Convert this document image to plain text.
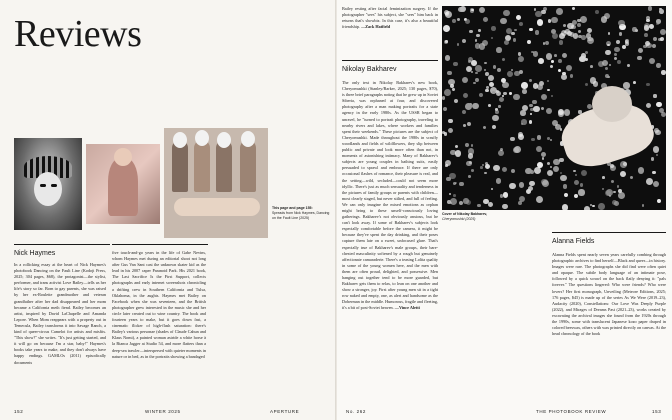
Reviews
This page and page 155:
Spreads from Nick Haymes, Dancing on the Fault Line (2025)
Nick Haymes
In a rollicking essay at the heart of Nick Haymes's photobook Dancing on the Fault Line (Kodoji Press, 2025; 304 pages, $68), the protagonist—the stylist, performer, and trans activist Love Bailey—tells us her life's story so far. Born to gay parents, she was raised by her ex-Roulette grandmother and veteran grandfather after her dad disappeared and her mom became a California meth fiend. Bailey becomes an artist, inspired by David LaChapelle and Amanda Lepore. When Mom reappears with a property out in Temecula, Bailey transforms it into Savage Ranch, a kind of queer-circus Camelot for artists and misfits. "This show?" she writes. "It's just getting started, and it will go on because I'm a star, baby!" Haymes's books take years to make, and they don't always have happy endings. GAMLOs (2011) episodically documents
five touch-and-go years in the life of Gabe Nevins, whom Haymes met during an editorial shoot not long after Gus Van Sant cast the unknown skater kid as the lead in his 2007 caper Paranoid Park. His 2021 book, The Last Sacrifice Is the First Support, collects photographs and early internet screenshots chronicling a drifting crew in Southern California and Tulsa, Oklahoma, in the aughts. Haymes met Bailey on Facebook when she was seventeen, and the British photographer grew interested in the music she and her circle later created out to wine country. The book and fourteen years to make, but it goes down fast, a cinematic flicker of high-flash saturation: there's Bailey's various personae (shades of Claude Cahun and Klaus Nomi), a painted woman astride a white horse à la Bianca Jagger at Studio 54, and more flatters than a deep-sea trawler—interspersed with quieter moments in nature or in bed, as in the portraits showing a bandaged
Bailey resting after facial feminization surgery. If the photographer "sees" his subject, she "sees" him back in returns that's showbiz. In this case, it's also a beautiful friendship. —Zack Hatfield
Nikolay Bakharev
The only text in Nikolay Bakharev's new book, Cheryomushki (Stanley/Barker, 2025; 130 pages, $70), is three brief paragraphs noting that he grew up in Soviet Siberia, was orphaned at four, and discovered photography after a man making portraits for a state agency in the early 1980s. As the USSR began to unravel, he "turned to portrait photography, traveling to nearby rivers and lakes, where workers and families spent their weekends." These pictures are the subject of Cheryomushki. Made throughout the 1980s in scruffy woodlands and fields of wildflowers, they slip between public and private and look more often than not, in moments of astonishing intimacy. Many of Bakharev's subjects are young couples in bathing suits, easily persuaded to sprawl and embrace. If there are only occasional flashes of romance, their pleasure is real, and the setting—wild, secluded—could not seem more idyllic. There's just as much sensuality and tenderness in the pictures of family groups or parents with children—most clearly staged, but never stilted, and full of feeling. We can only imagine the mixed emotions as orphan might bring to these unself-consciously loving gatherings. Bakharev's not obviously anxious, but he can't look away. If some of Bakharev's subjects look especially comfortable before the camera, it might be because they've spent the day drinking, and their poses capture them late on a sweet, unfocused glare. That's especially true of Bakharev's male groups, their bare-chested masculinity softened by a rough but genuinely affectionate camaraderie. There's a teasing Lolita quality in some of the young women here, and the men with them are often proud, delighted, and possessive. Men hanging out together tend to be more guarded, but Bakharev gets them to relax, to lean on one another and show a stronger, joy. First after young men sit in a tight row naked and empty, one, as alert and handsome as the Doberman in the middle. Humorous, fragile and fleeting, it's a bit of post-Soviet heaven. —Vince Aletti
Cover of Nikolay Bakharev,
Cheryomushki (2025)
Alanna Fields
Alanna Fields spent nearly seven years carefully combing through photographic archives to find herself—Black and queer—in history. Images were rare. The photographs she did find were often quiet and opaque. The subtle body language of an intimate pose, followed by a quick scrawl on the back flatly denying it: "pals forever." The questions lingered: Who were friends? Who were lovers? Her first monograph, Unveiling (Meteore Editions, 2025; 176 pages, $45) is made up of the series As We Were (2019–23), Audacity (2020), Constellations: Our Love Was Deeply Purple (2022), and Mirages of Dreams Past (2021–23), works created by excavating the archival images she found from the 1920s through the 1990s, some with translucent Japanese kozo paper draped in colored beeswax, others with wax printed directly on canvas. At the head chronology of the book
152	WINTER 2025	APERTURE	No. 262	THE PHOTOBOOK REVIEW	153
